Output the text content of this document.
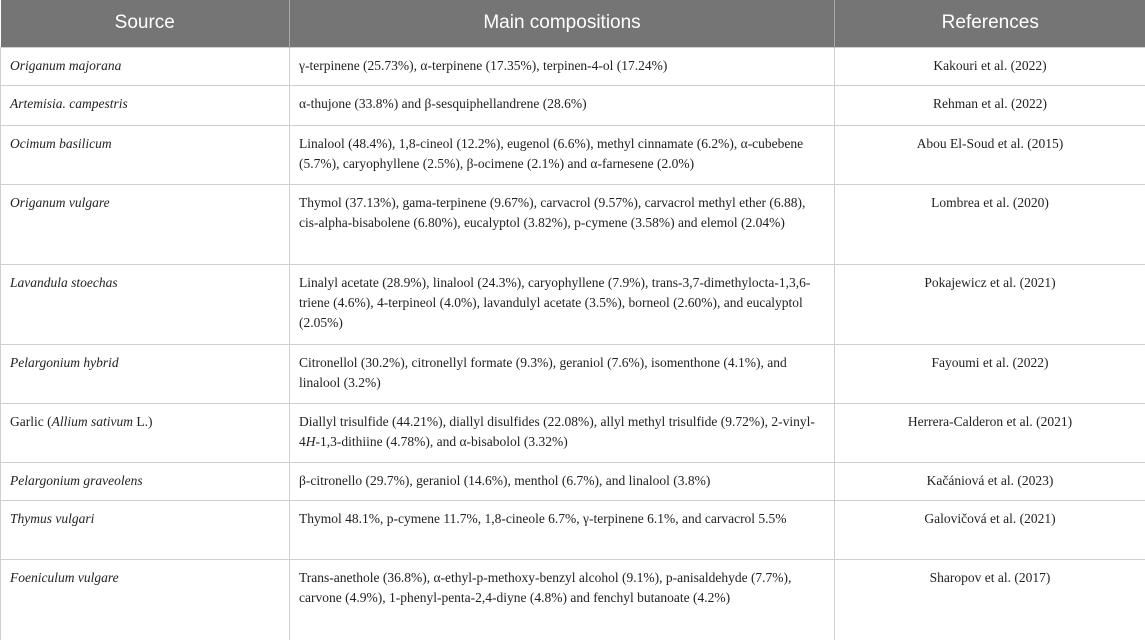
Source	Main compositions	References
Origanum majorana	γ-terpinene (25.73%), α-terpinene (17.35%), terpinen-4-ol (17.24%)	Kakouri et al. (2022)
Artemisia. campestris	α-thujone (33.8%) and β-sesquiphellandrene (28.6%)	Rehman et al. (2022)
Ocimum basilicum	Linalool (48.4%), 1,8-cineol (12.2%), eugenol (6.6%), methyl cinnamate (6.2%), α-cubebene (5.7%), caryophyllene (2.5%), β-ocimene (2.1%) and α-farnesene (2.0%)	Abou El-Soud et al. (2015)
Origanum vulgare	Thymol (37.13%), gama-terpinene (9.67%), carvacrol (9.57%), carvacrol methyl ether (6.88), cis-alpha-bisabolene (6.80%), eucalyptol (3.82%), p-cymene (3.58%) and elemol (2.04%)	Lombrea et al. (2020)
Lavandula stoechas	Linalyl acetate (28.9%), linalool (24.3%), caryophyllene (7.9%), trans-3,7-dimethylocta-1,3,6-triene (4.6%), 4-terpineol (4.0%), lavandulyl acetate (3.5%), borneol (2.60%), and eucalyptol (2.05%)	Pokajewicz et al. (2021)
Pelargonium hybrid	Citronellol (30.2%), citronellyl formate (9.3%), geraniol (7.6%), isomenthone (4.1%), and linalool (3.2%)	Fayoumi et al. (2022)
Garlic (Allium sativum L.)	Diallyl trisulfide (44.21%), diallyl disulfides (22.08%), allyl methyl trisulfide (9.72%), 2-vinyl-4H-1,3-dithiine (4.78%), and α-bisabolol (3.32%)	Herrera-Calderon et al. (2021)
Pelargonium graveolens	β-citronello (29.7%), geraniol (14.6%), menthol (6.7%), and linalool (3.8%)	Kačániová et al. (2023)
Thymus vulgari	Thymol 48.1%, p-cymene 11.7%, 1,8-cineole 6.7%, γ-terpinene 6.1%, and carvacrol 5.5%	Galovičová et al. (2021)
Foeniculum vulgare	Trans-anethole (36.8%), α-ethyl-p-methoxy-benzyl alcohol (9.1%), p-anisaldehyde (7.7%), carvone (4.9%), 1-phenyl-penta-2,4-diyne (4.8%) and fenchyl butanoate (4.2%)	Sharopov et al. (2017)
